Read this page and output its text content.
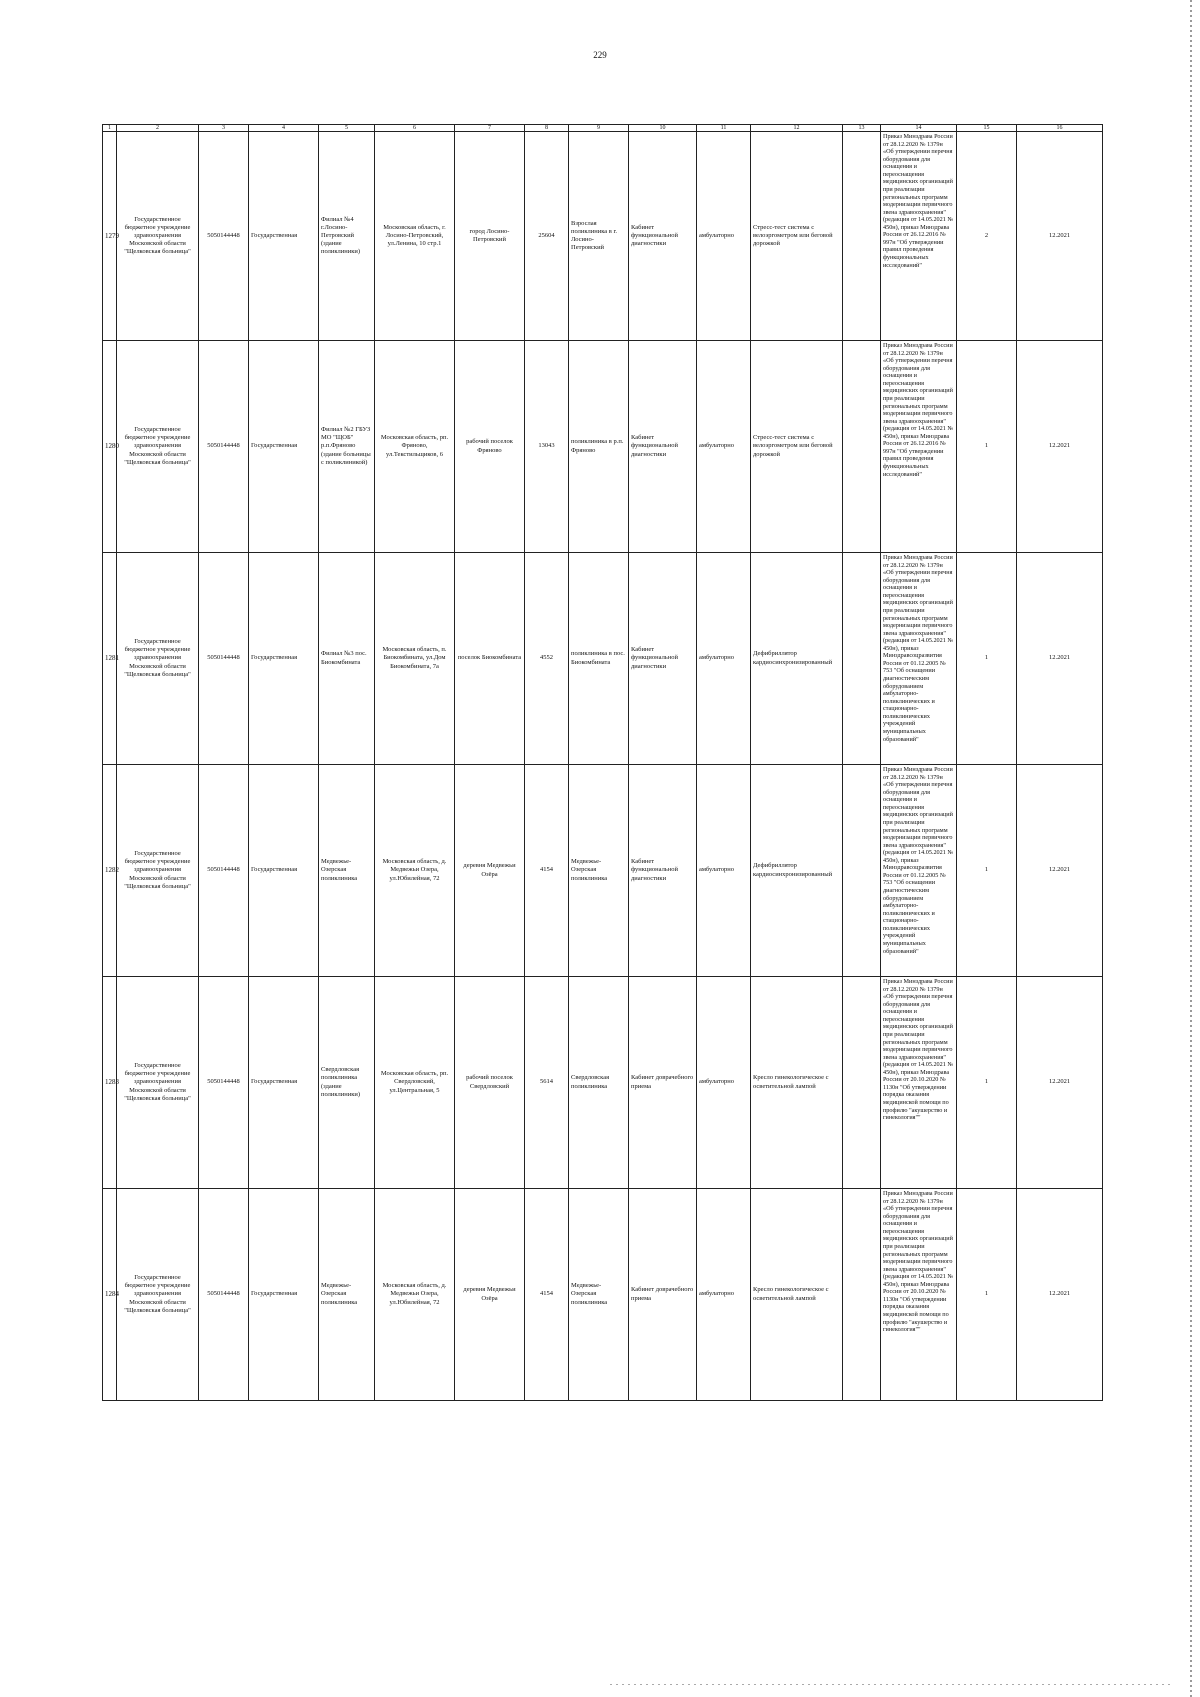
229
1	2	3	4	5	6	7	8	9	10	11	12	13	14	15	16
1279	Государственное бюджетное учреждение здравоохранения Московской области "Щелковская больница"	5050144448	Государственная	Филиал №4 г.Лосино-Петровский (здание поликлиники)	Московская область, г. Лосино-Петровский, ул.Ленина, 10 стр.1	город Лосино-Петровский	25604	Взрослая поликлиника в г. Лосино-Петровский	Кабинет функциональной диагностики	амбулаторно	Стресс-тест система с велоэргометром или беговой дорожкой		Приказ Минздрава России от 28.12.2020 № 1379н «Об утверждении перечня оборудования для оснащения и переоснащения медицинских организаций при реализации региональных программ модернизации первичного звена здравоохранения"(редакция от 14.05.2021 № 450н), приказ Минздрава России от 26.12.2016 № 997н "Об утверждении правил проведения функциональных исследований"	2	12.2021
1280	Государственное бюджетное учреждение здравоохранения Московской области "Щелковская больница"	5050144448	Государственная	Филиал №2 ГБУЗ МО "ЩОБ" р.п.Фряново (здание больницы с поликлиникой)	Московская область, рп. Фряново, ул.Текстильщиков, 6	рабочий поселок Фряново	13043	поликлиника в р.п. Фряново	Кабинет функциональной диагностики	амбулаторно	Стресс-тест система с велоэргометром или беговой дорожкой		Приказ Минздрава России от 28.12.2020 № 1379н «Об утверждении перечня оборудования для оснащения и переоснащения медицинских организаций при реализации региональных программ модернизации первичного звена здравоохранения"(редакция от 14.05.2021 № 450н), приказ Минздрава России от 26.12.2016 № 997н "Об утверждении правил проведения функциональных исследований"	1	12.2021
1281	Государственное бюджетное учреждение здравоохранения Московской области "Щелковская больница"	5050144448	Государственная	Филиал №3 пос. Биокомбината	Московская область, п. Биокомбината, ул.Дом Биокомбината, 7а	поселок Биокомбината	4552	поликлиника в пос. Биокомбината	Кабинет функциональной диагностики	амбулаторно	Дефибриллятор кардиосинхронизированный		Приказ Минздрава России от 28.12.2020 № 1379н «Об утверждении перечня оборудования для оснащения и переоснащения медицинских организаций при реализации региональных программ модернизации первичного звена здравоохранения"(редакция от 14.05.2021 № 450н), приказ Минздравсоцразвития России от 01.12.2005 № 753 "Об оснащении диагностическим оборудованием амбулаторно-поликлинических и стационарно-поликлинических учреждений муниципальных образований"	1	12.2021
1282	Государственное бюджетное учреждение здравоохранения Московской области "Щелковская больница"	5050144448	Государственная	Медвежье-Озерская поликлиника	Московская область, д. Медвежьи Озера, ул.Юбилейная, 72	деревня Медвежьи Озёра	4154	Медвежье-Озерская поликлиника	Кабинет функциональной диагностики	амбулаторно	Дефибриллятор кардиосинхронизированный		Приказ Минздрава России от 28.12.2020 № 1379н «Об утверждении перечня оборудования для оснащения и переоснащения медицинских организаций при реализации региональных программ модернизации первичного звена здравоохранения"(редакция от 14.05.2021 № 450н), приказ Минздравсоцразвития России от 01.12.2005 № 753 "Об оснащении диагностическим оборудованием амбулаторно-поликлинических и стационарно-поликлинических учреждений муниципальных образований"	1	12.2021
1283	Государственное бюджетное учреждение здравоохранения Московской области "Щелковская больница"	5050144448	Государственная	Свердловская поликлиника (здание поликлиники)	Московская область, рп. Свердловский, ул.Центральная, 5	рабочий поселок Свердловский	5614	Свердловская поликлиника	Кабинет доврачебного приема	амбулаторно	Кресло гинекологическое с осветительной лампой		Приказ Минздрава России от 28.12.2020 № 1379н «Об утверждении перечня оборудования для оснащения и переоснащения медицинских организаций при реализации региональных программ модернизации первичного звена здравоохранения"(редакция от 14.05.2021 № 450н), приказ Минздрава России от 20.10.2020 № 1130н "Об утверждении порядка оказания медицинской помощи по профилю "акушерство и гинекология""	1	12.2021
1284	Государственное бюджетное учреждение здравоохранения Московской области "Щелковская больница"	5050144448	Государственная	Медвежье-Озерская поликлиника	Московская область, д. Медвежьи Озера, ул.Юбилейная, 72	деревня Медвежьи Озёра	4154	Медвежье-Озерская поликлиника	Кабинет доврачебного приема	амбулаторно	Кресло гинекологическое с осветительной лампой		Приказ Минздрава России от 28.12.2020 № 1379н «Об утверждении перечня оборудования для оснащения и переоснащения медицинских организаций при реализации региональных программ модернизации первичного звена здравоохранения"(редакция от 14.05.2021 № 450н), приказ Минздрава России от 20.10.2020 № 1130н "Об утверждении порядка оказания медицинской помощи по профилю "акушерство и гинекология""	1	12.2021
